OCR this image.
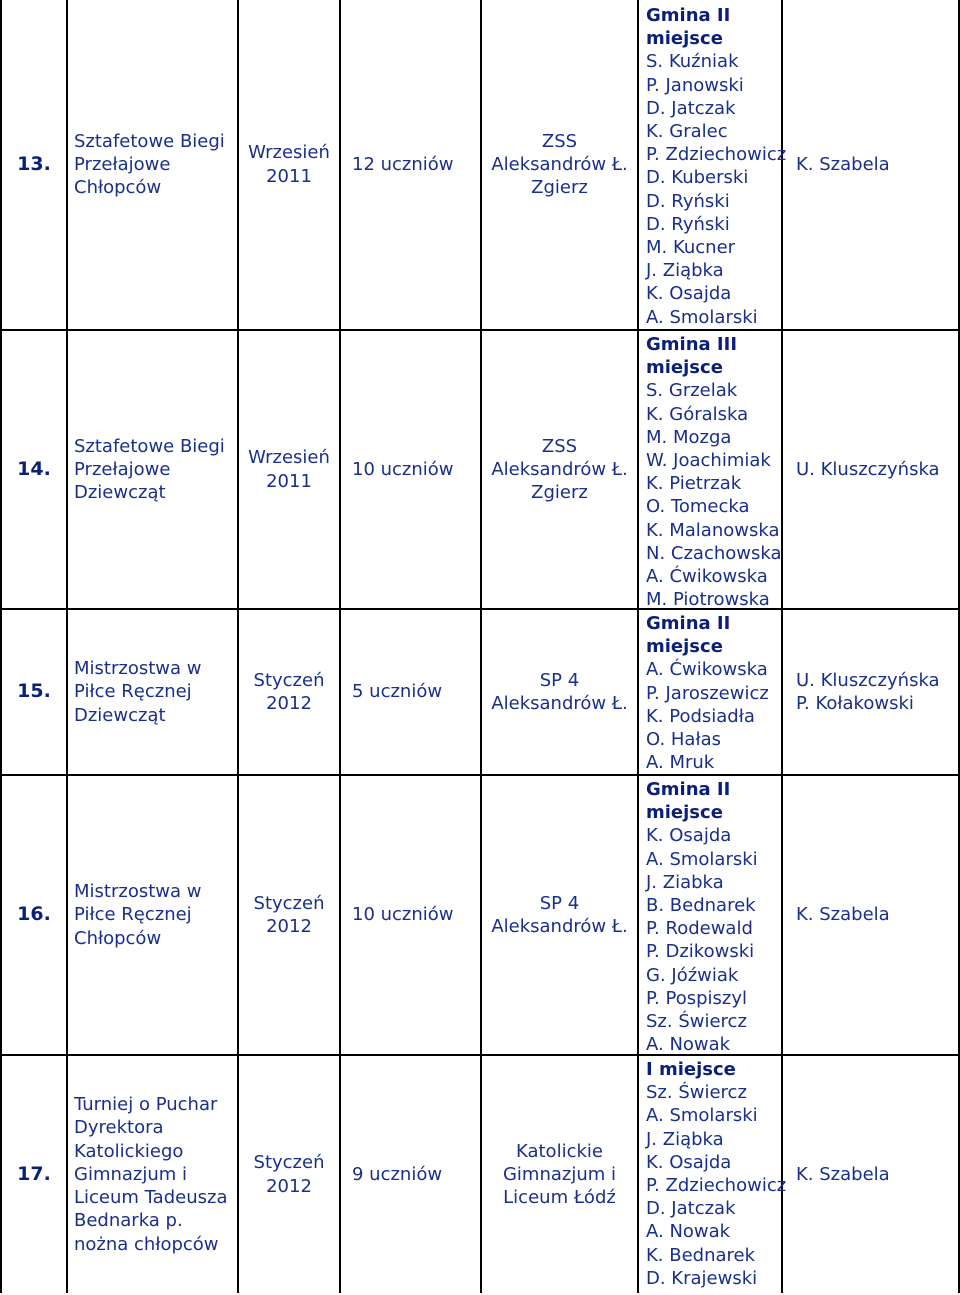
13.
Sztafetowe Biegi
Przełajowe
Chłopców
Wrzesień
2011
12 uczniów
ZSS
Aleksandrów Ł.
Zgierz
Gmina II
miejsce
S. Kuźniak
P. Janowski
D. Jatczak
K. Gralec
P. Zdziechowicz
D. Kuberski
D. Ryński
D. Ryński
M. Kucner
J. Ziąbka
K. Osajda
A. Smolarski
K. Szabela
14.
Sztafetowe Biegi
Przełajowe
Dziewcząt
Wrzesień
2011
10 uczniów
ZSS
Aleksandrów Ł.
Zgierz
Gmina III
miejsce
S. Grzelak
K. Góralska
M. Mozga
W. Joachimiak
K. Pietrzak
O. Tomecka
K. Malanowska
N. Czachowska
A. Ćwikowska
M. Piotrowska
U. Kluszczyńska
15.
Mistrzostwa w
Piłce Ręcznej
Dziewcząt
Styczeń
2012
5 uczniów
SP 4
Aleksandrów Ł.
Gmina II
miejsce
A. Ćwikowska
P. Jaroszewicz
K. Podsiadła
O. Hałas
A. Mruk
U. Kluszczyńska
P. Kołakowski
16.
Mistrzostwa w
Piłce Ręcznej
Chłopców
Styczeń
2012
10 uczniów
SP 4
Aleksandrów Ł.
Gmina II
miejsce
K. Osajda
A. Smolarski
J. Ziabka
B. Bednarek
P. Rodewald
P. Dzikowski
G. Jóźwiak
P. Pospiszyl
Sz. Świercz
A. Nowak
K. Szabela
17.
Turniej o Puchar
Dyrektora
Katolickiego
Gimnazjum i
Liceum Tadeusza
Bednarka p.
nożna chłopców
Styczeń
2012
9 uczniów
Katolickie
Gimnazjum i
Liceum Łódź
I miejsce
Sz. Świercz
A. Smolarski
J. Ziąbka
K. Osajda
P. Zdziechowicz
D. Jatczak
A. Nowak
K. Bednarek
D. Krajewski
K. Szabela
